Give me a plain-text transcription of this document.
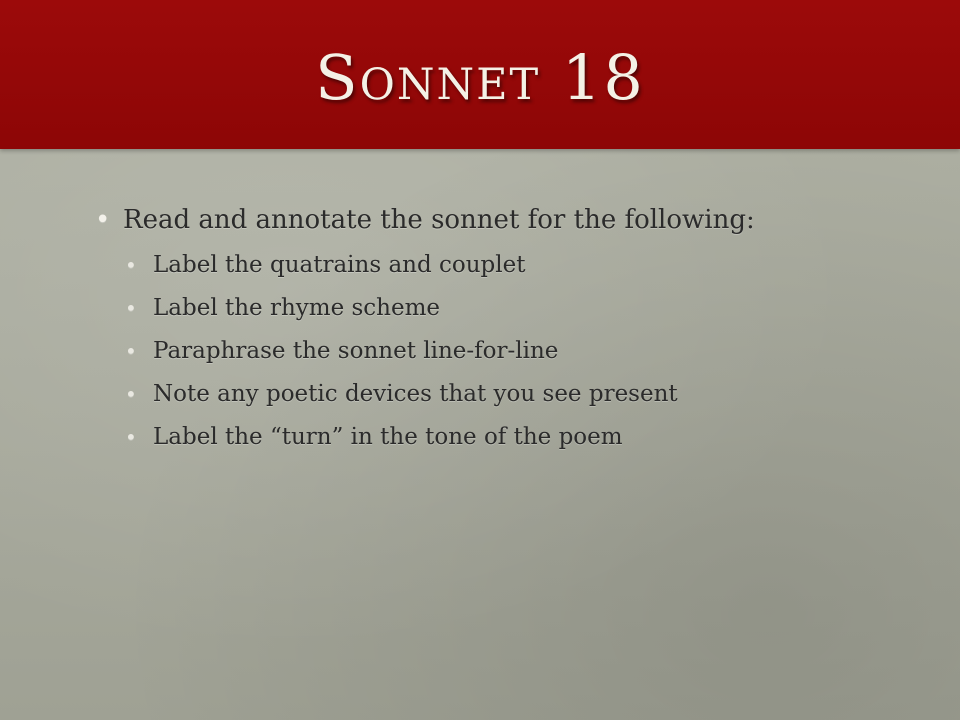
Sonnet 18
• Read and annotate the sonnet for the following:
• Label the quatrains and couplet
• Label the rhyme scheme
• Paraphrase the sonnet line-for-line
• Note any poetic devices that you see present
• Label the “turn” in the tone of the poem
